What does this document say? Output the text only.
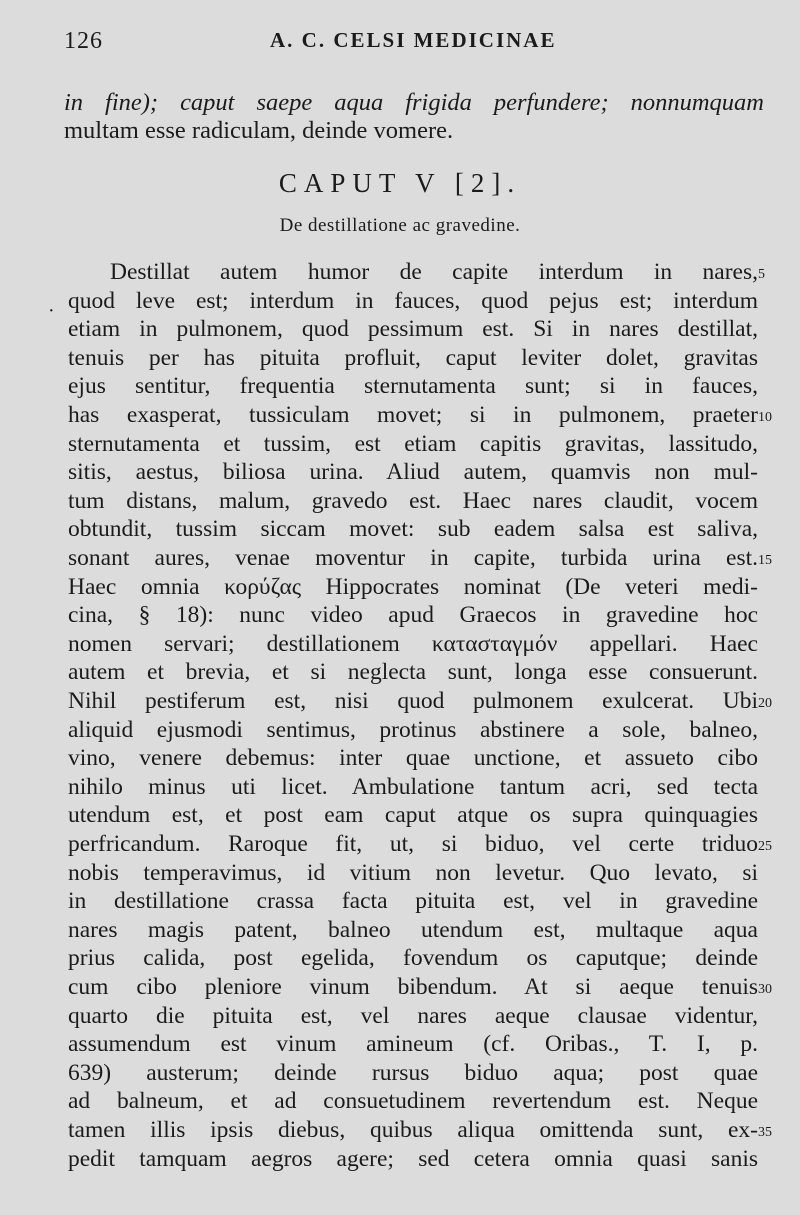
126	A. C. CELSI MEDICINAE
in fine); caput saepe aqua frigida perfundere; nonnumquam
multam esse radiculam, deinde vomere.
CAPUT V [2].
De destillatione ac gravedine.
·
Destillat autem humor de capite interdum in nares, 5
quod leve est; interdum in fauces, quod pejus est; interdum
etiam in pulmonem, quod pessimum est. Si in nares destillat,
tenuis per has pituita profluit, caput leviter dolet, gravitas
ejus sentitur, frequentia sternutamenta sunt; si in fauces,
has exasperat, tussiculam movet; si in pulmonem, praeter 10
sternutamenta et tussim, est etiam capitis gravitas, lassitudo,
sitis, aestus, biliosa urina. Aliud autem, quamvis non mul-
tum distans, malum, gravedo est. Haec nares claudit, vocem
obtundit, tussim siccam movet: sub eadem salsa est saliva,
sonant aures, venae moventur in capite, turbida urina est. 15
Haec omnia κορύζας Hippocrates nominat (De veteri medi-
cina, § 18): nunc video apud Graecos in gravedine hoc
nomen servari; destillationem κατασταγμόν appellari. Haec
autem et brevia, et si neglecta sunt, longa esse consuerunt.
Nihil pestiferum est, nisi quod pulmonem exulcerat. Ubi 20
aliquid ejusmodi sentimus, protinus abstinere a sole, balneo,
vino, venere debemus: inter quae unctione, et assueto cibo
nihilo minus uti licet. Ambulatione tantum acri, sed tecta
utendum est, et post eam caput atque os supra quinquagies
perfricandum. Raroque fit, ut, si biduo, vel certe triduo 25
nobis temperavimus, id vitium non levetur. Quo levato, si
in destillatione crassa facta pituita est, vel in gravedine
nares magis patent, balneo utendum est, multaque aqua
prius calida, post egelida, fovendum os caputque; deinde
cum cibo pleniore vinum bibendum. At si aeque tenuis 30
quarto die pituita est, vel nares aeque clausae videntur,
assumendum est vinum amineum (cf. Oribas., T. I, p.
639) austerum; deinde rursus biduo aqua; post quae
ad balneum, et ad consuetudinem revertendum est. Neque
tamen illis ipsis diebus, quibus aliqua omittenda sunt, ex- 35
pedit tamquam aegros agere; sed cetera omnia quasi sanis
